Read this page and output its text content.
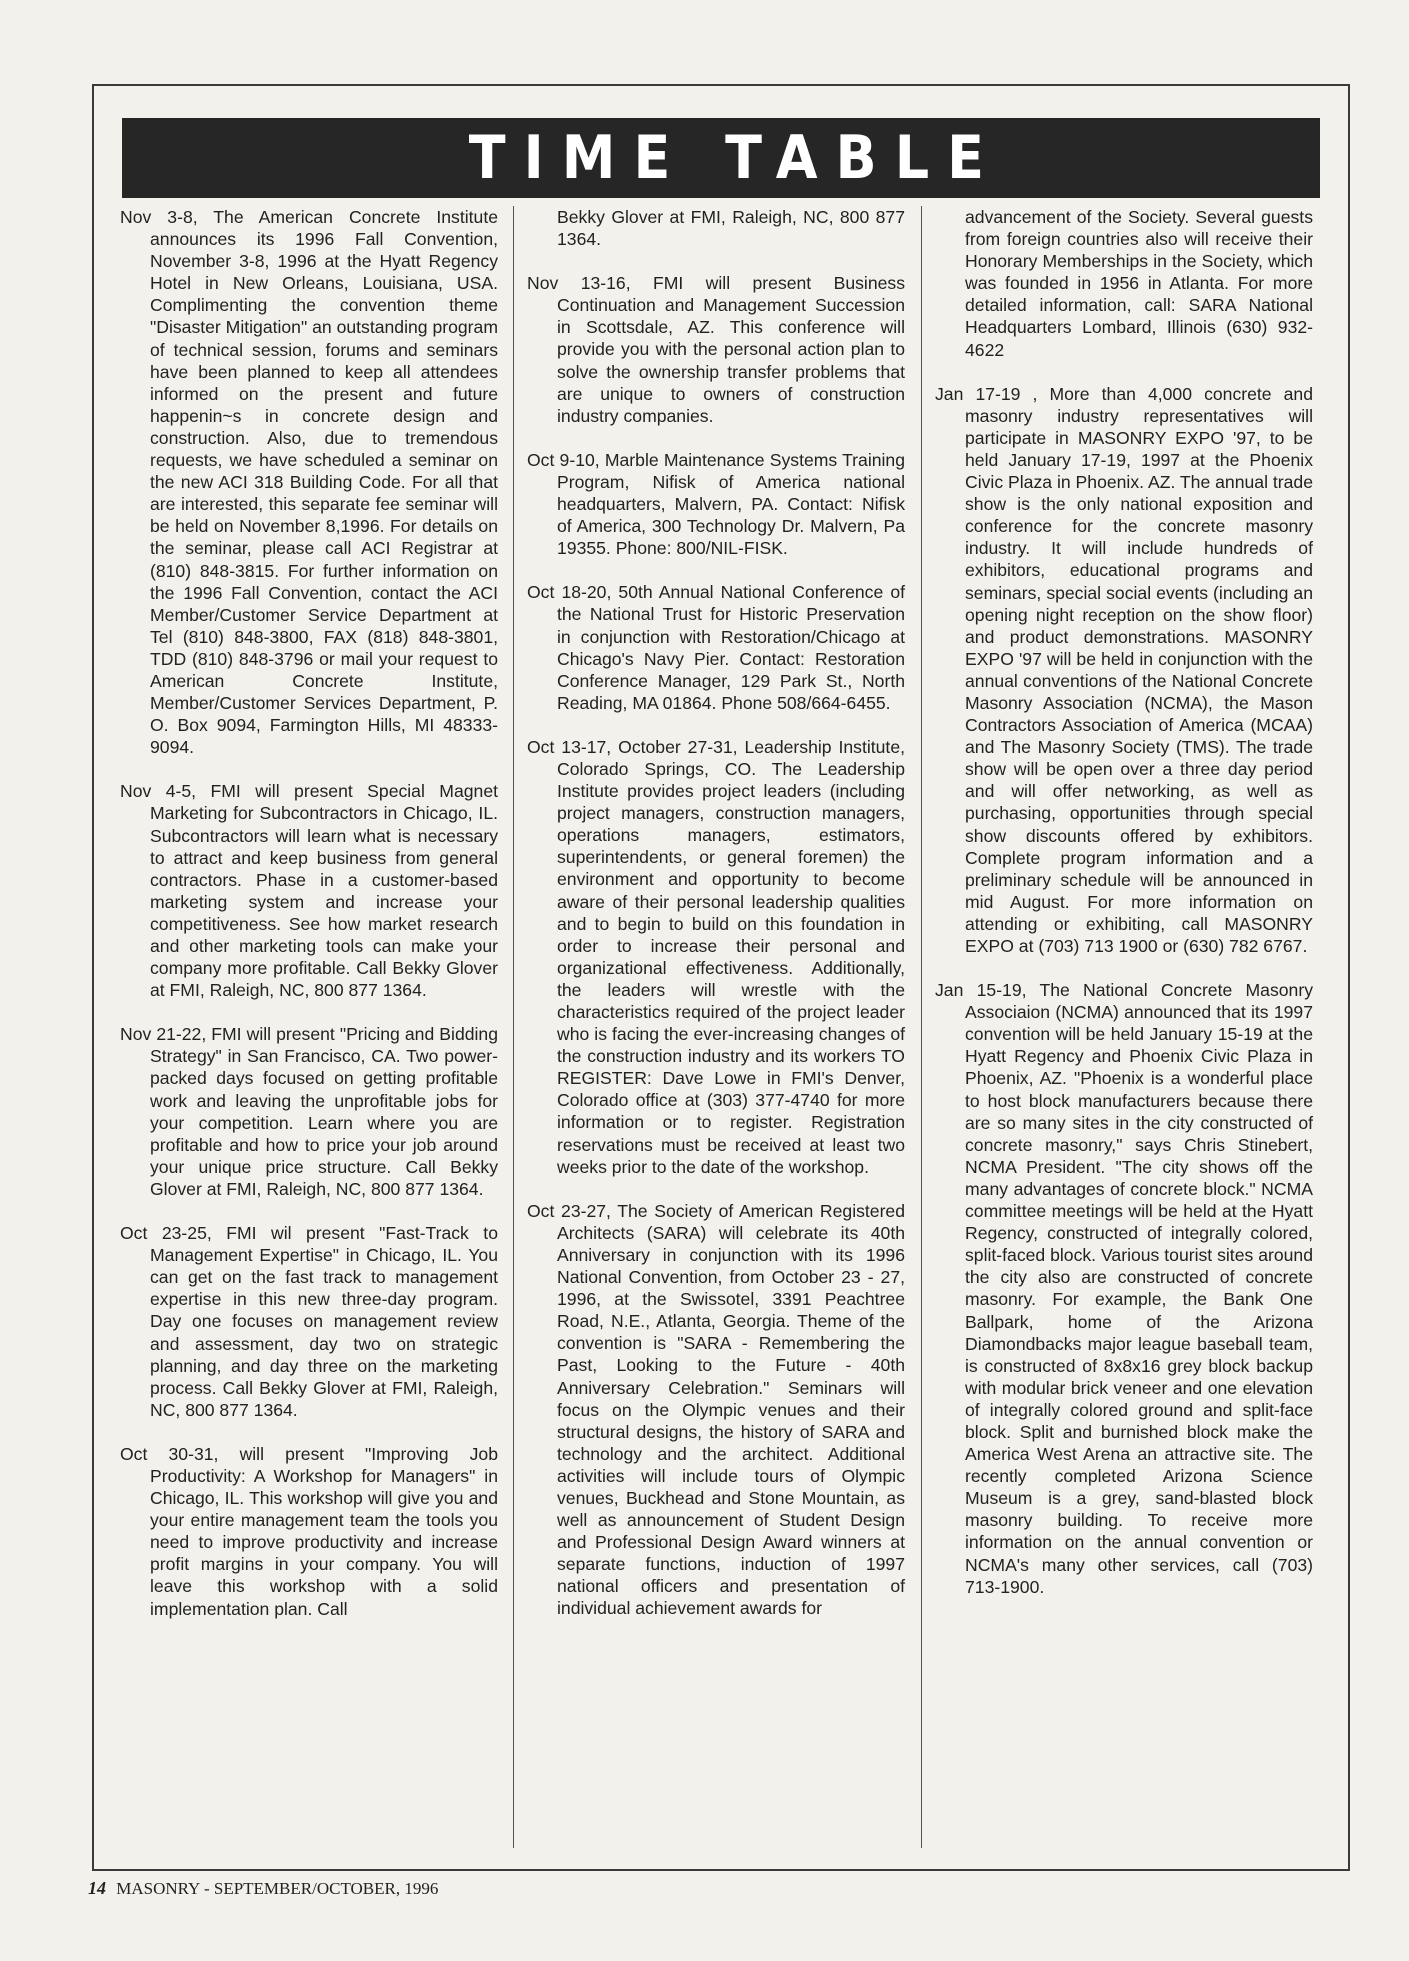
TIME TABLE

Nov 3-8, The American Concrete Institute announces its 1996 Fall Convention, November 3-8, 1996 at the Hyatt Regency Hotel in New Orleans, Louisiana, USA. Complimenting the convention theme "Disaster Mitigation" an outstanding program of technical session, forums and seminars have been planned to keep all attendees informed on the present and future happenin~s in concrete design and construction. Also, due to tremendous requests, we have scheduled a seminar on the new ACI 318 Building Code. For all that are interested, this separate fee seminar will be held on November 8,1996. For details on the seminar, please call ACI Registrar at (810) 848-3815. For further information on the 1996 Fall Convention, contact the ACI Member/Customer Service Department at Tel (810) 848-3800, FAX (818) 848-3801, TDD (810) 848-3796 or mail your request to American Concrete Institute, Member/Customer Services Department, P. O. Box 9094, Farmington Hills, MI 48333-9094.

Nov 4-5, FMI will present Special Magnet Marketing for Subcontractors in Chicago, IL. Subcontractors will learn what is necessary to attract and keep business from general contractors. Phase in a customer-based marketing system and increase your competitiveness. See how market research and other marketing tools can make your company more profitable. Call Bekky Glover at FMI, Raleigh, NC, 800 877 1364.

Nov 21-22, FMI will present "Pricing and Bidding Strategy" in San Francisco, CA. Two power-packed days focused on getting profitable work and leaving the unprofitable jobs for your competition. Learn where you are profitable and how to price your job around your unique price structure. Call Bekky Glover at FMI, Raleigh, NC, 800 877 1364.

Oct 23-25, FMI wil present "Fast-Track to Management Expertise" in Chicago, IL. You can get on the fast track to management expertise in this new three-day program. Day one focuses on management review and assessment, day two on strategic planning, and day three on the marketing process. Call Bekky Glover at FMI, Raleigh, NC, 800 877 1364.

Oct 30-31, will present "Improving Job Productivity: A Workshop for Managers" in Chicago, IL. This workshop will give you and your entire management team the tools you need to improve productivity and increase profit margins in your company. You will leave this workshop with a solid implementation plan. Call

Bekky Glover at FMI, Raleigh, NC, 800 877 1364.

Nov 13-16, FMI will present Business Continuation and Management Succession in Scottsdale, AZ. This conference will provide you with the personal action plan to solve the ownership transfer problems that are unique to owners of construction industry companies.

Oct 9-10, Marble Maintenance Systems Training Program, Nifisk of America national headquarters, Malvern, PA. Contact: Nifisk of America, 300 Technology Dr. Malvern, Pa 19355. Phone: 800/NIL-FISK.

Oct 18-20, 50th Annual National Conference of the National Trust for Historic Preservation in conjunction with Restoration/Chicago at Chicago's Navy Pier. Contact: Restoration Conference Manager, 129 Park St., North Reading, MA 01864. Phone 508/664-6455.

Oct 13-17, October 27-31, Leadership Institute, Colorado Springs, CO. The Leadership Institute provides project leaders (including project managers, construction managers, operations managers, estimators, superintendents, or general foremen) the environment and opportunity to become aware of their personal leadership qualities and to begin to build on this foundation in order to increase their personal and organizational effectiveness. Additionally, the leaders will wrestle with the characteristics required of the project leader who is facing the ever-increasing changes of the construction industry and its workers TO REGISTER: Dave Lowe in FMI's Denver, Colorado office at (303) 377-4740 for more information or to register. Registration reservations must be received at least two weeks prior to the date of the workshop.

Oct 23-27, The Society of American Registered Architects (SARA) will celebrate its 40th Anniversary in conjunction with its 1996 National Convention, from October 23 - 27, 1996, at the Swissotel, 3391 Peachtree Road, N.E., Atlanta, Georgia. Theme of the convention is "SARA - Remembering the Past, Looking to the Future - 40th Anniversary Celebration." Seminars will focus on the Olympic venues and their structural designs, the history of SARA and technology and the architect. Additional activities will include tours of Olympic venues, Buckhead and Stone Mountain, as well as announcement of Student Design and Professional Design Award winners at separate functions, induction of 1997 national officers and presentation of individual achievement awards for

advancement of the Society. Several guests from foreign countries also will receive their Honorary Memberships in the Society, which was founded in 1956 in Atlanta. For more detailed information, call: SARA National Headquarters Lombard, Illinois (630) 932-4622

Jan 17-19 , More than 4,000 concrete and masonry industry representatives will participate in MASONRY EXPO '97, to be held January 17-19, 1997 at the Phoenix Civic Plaza in Phoenix. AZ. The annual trade show is the only national exposition and conference for the concrete masonry industry. It will include hundreds of exhibitors, educational programs and seminars, special social events (including an opening night reception on the show floor) and product demonstrations. MASONRY EXPO '97 will be held in conjunction with the annual conventions of the National Concrete Masonry Association (NCMA), the Mason Contractors Association of America (MCAA) and The Masonry Society (TMS). The trade show will be open over a three day period and will offer networking, as well as purchasing, opportunities through special show discounts offered by exhibitors. Complete program information and a preliminary schedule will be announced in mid August. For more information on attending or exhibiting, call MASONRY EXPO at (703) 713 1900 or (630) 782 6767.

Jan 15-19, The National Concrete Masonry Associaion (NCMA) announced that its 1997 convention will be held January 15-19 at the Hyatt Regency and Phoenix Civic Plaza in Phoenix, AZ. "Phoenix is a wonderful place to host block manufacturers because there are so many sites in the city constructed of concrete masonry," says Chris Stinebert, NCMA President. "The city shows off the many advantages of concrete block." NCMA committee meetings will be held at the Hyatt Regency, constructed of integrally colored, split-faced block. Various tourist sites around the city also are constructed of concrete masonry. For example, the Bank One Ballpark, home of the Arizona Diamondbacks major league baseball team, is constructed of 8x8x16 grey block backup with modular brick veneer and one elevation of integrally colored ground and split-face block. Split and burnished block make the America West Arena an attractive site. The recently completed Arizona Science Museum is a grey, sand-blasted block masonry building. To receive more information on the annual convention or NCMA's many other services, call (703) 713-1900.

14 MASONRY - SEPTEMBER/OCTOBER, 1996
